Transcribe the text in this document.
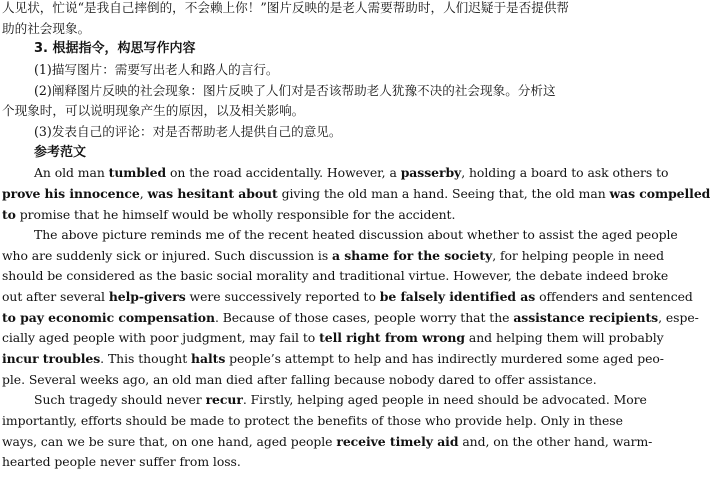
人见状，忙说“是我自己摔倒的，不会赖上你！”图片反映的是老人需要帮助时，人们迟疑于是否提供帮
助的社会现象。
3. 根据指令，构思写作内容
(1)描写图片：需要写出老人和路人的言行。
(2)阐释图片反映的社会现象：图片反映了人们对是否该帮助老人犹豫不决的社会现象。分析这
个现象时，可以说明现象产生的原因，以及相关影响。
(3)发表自己的评论：对是否帮助老人提供自己的意见。
参考范文
An old man tumbled on the road accidentally. However, a passerby, holding a board to ask others to
prove his innocence, was hesitant about giving the old man a hand. Seeing that, the old man was compelled
to promise that he himself would be wholly responsible for the accident.
The above picture reminds me of the recent heated discussion about whether to assist the aged people
who are suddenly sick or injured. Such discussion is a shame for the society, for helping people in need
should be considered as the basic social morality and traditional virtue. However, the debate indeed broke
out after several help-givers were successively reported to be falsely identified as offenders and sentenced
to pay economic compensation. Because of those cases, people worry that the assistance recipients, espe-
cially aged people with poor judgment, may fail to tell right from wrong and helping them will probably
incur troubles. This thought halts people’s attempt to help and has indirectly murdered some aged peo-
ple. Several weeks ago, an old man died after falling because nobody dared to offer assistance.
Such tragedy should never recur. Firstly, helping aged people in need should be advocated. More
importantly, efforts should be made to protect the benefits of those who provide help. Only in these
ways, can we be sure that, on one hand, aged people receive timely aid and, on the other hand, warm-
hearted people never suffer from loss.
